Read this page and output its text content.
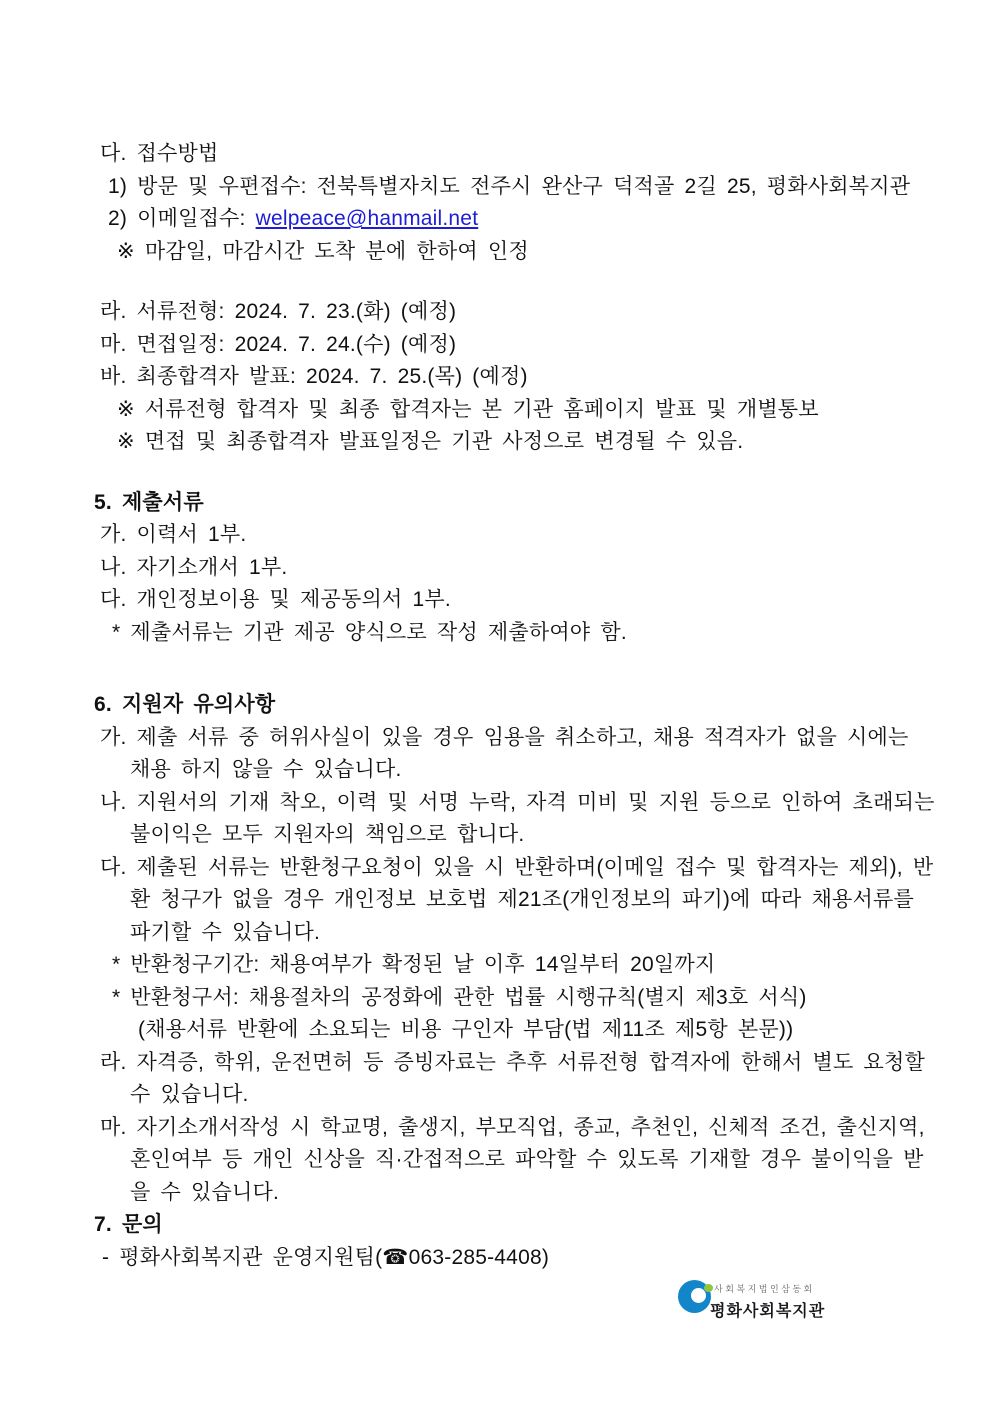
다. 접수방법
1) 방문 및 우편접수: 전북특별자치도 전주시 완산구 덕적골 2길 25, 평화사회복지관
2) 이메일접수: welpeace@hanmail.net
※ 마감일, 마감시간 도착 분에 한하여 인정
라. 서류전형: 2024. 7. 23.(화) (예정)
마. 면접일정: 2024. 7. 24.(수) (예정)
바. 최종합격자 발표: 2024. 7. 25.(목) (예정)
※ 서류전형 합격자 및 최종 합격자는 본 기관 홈페이지 발표 및 개별통보
※ 면접 및 최종합격자 발표일정은 기관 사정으로 변경될 수 있음.
5. 제출서류
가. 이력서 1부.
나. 자기소개서 1부.
다. 개인정보이용 및 제공동의서 1부.
* 제출서류는 기관 제공 양식으로 작성 제출하여야 함.
6. 지원자 유의사항
가. 제출 서류 중 허위사실이 있을 경우 임용을 취소하고, 채용 적격자가 없을 시에는
채용 하지 않을 수 있습니다.
나. 지원서의 기재 착오, 이력 및 서명 누락, 자격 미비 및 지원 등으로 인하여 초래되는
불이익은 모두 지원자의 책임으로 합니다.
다. 제출된 서류는 반환청구요청이 있을 시 반환하며(이메일 접수 및 합격자는 제외), 반
환 청구가 없을 경우 개인정보 보호법 제21조(개인정보의 파기)에 따라 채용서류를
파기할 수 있습니다.
* 반환청구기간: 채용여부가 확정된 날 이후 14일부터 20일까지
* 반환청구서: 채용절차의 공정화에 관한 법률 시행규칙(별지 제3호 서식)
(채용서류 반환에 소요되는 비용 구인자 부담(법 제11조 제5항 본문))
라. 자격증, 학위, 운전면허 등 증빙자료는 추후 서류전형 합격자에 한해서 별도 요청할
수 있습니다.
마. 자기소개서작성 시 학교명, 출생지, 부모직업, 종교, 추천인, 신체적 조건, 출신지역,
혼인여부 등 개인 신상을 직·간접적으로 파악할 수 있도록 기재할 경우 불이익을 받
을 수 있습니다.
7. 문의
- 평화사회복지관 운영지원팀(☎063-285-4408)
사회복지법인삼동회
평화사회복지관
